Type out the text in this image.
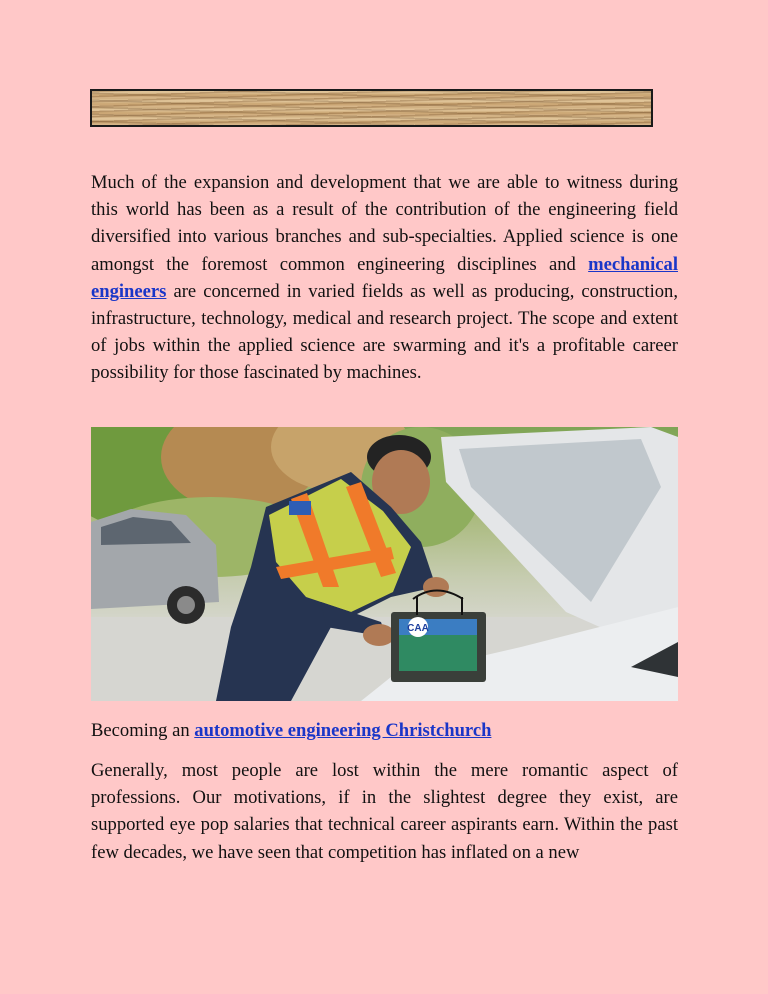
Much of the expansion and development that we are able to witness during this world has been as a result of the contribution of the engineering field diversified into various branches and sub-specialties. Applied science is one amongst the foremost common engineering disciplines and mechanical engineers are concerned in varied fields as well as producing, construction, infrastructure, technology, medical and research project. The scope and extent of jobs within the applied science are swarming and it's a profitable career possibility for those fascinated by machines.

CAA

Becoming an automotive engineering Christchurch

Generally, most people are lost within the mere romantic aspect of professions. Our motivations, if in the slightest degree they exist, are supported eye pop salaries that technical career aspirants earn. Within the past few decades, we have seen that competition has inflated on a new
